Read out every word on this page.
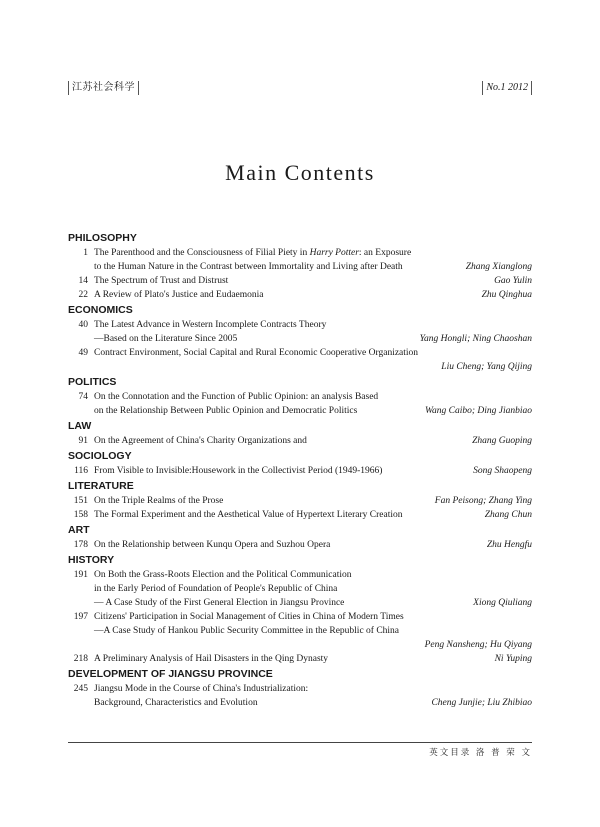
江苏社会科学	No.1 2012
Main Contents
PHILOSOPHY
1 The Parenthood and the Consciousness of Filial Piety in Harry Potter: an Exposure
to the Human Nature in the Contrast between Immortality and Living after Death	Zhang Xianglong
14 The Spectrum of Trust and Distrust	Gao Yulin
22 A Review of Plato's Justice and Eudaemonia	Zhu Qinghua
ECONOMICS
40 The Latest Advance in Western Incomplete Contracts Theory
—Based on the Literature Since 2005	Yang Hongli; Ning Chaoshan
49 Contract Environment, Social Capital and Rural Economic Cooperative Organization
Liu Cheng; Yang Qijing
POLITICS
74 On the Connotation and the Function of Public Opinion: an analysis Based
on the Relationship Between Public Opinion and Democratic Politics	Wang Caibo; Ding Jianbiao
LAW
91 On the Agreement of China's Charity Organizations and	Zhang Guoping
SOCIOLOGY
116 From Visible to Invisible:Housework in the Collectivist Period (1949-1966)	Song Shaopeng
LITERATURE
151 On the Triple Realms of the Prose	Fan Peisong; Zhang Ying
158 The Formal Experiment and the Aesthetical Value of Hypertext Literary Creation	Zhang Chun
ART
178 On the Relationship between Kunqu Opera and Suzhou Opera	Zhu Hengfu
HISTORY
191 On Both the Grass-Roots Election and the Political Communication
in the Early Period of Foundation of People's Republic of China
— A Case Study of the First General Election in Jiangsu Province	Xiong Qiuliang
197 Citizens' Participation in Social Management of Cities in China of Modern Times
—A Case Study of Hankou Public Security Committee in the Republic of China
Peng Nansheng; Hu Qiyang
218 A Preliminary Analysis of Hail Disasters in the Qing Dynasty	Ni Yuping
DEVELOPMENT OF JIANGSU PROVINCE
245 Jiangsu Mode in the Course of China's Industrialization:
Background, Characteristics and Evolution	Cheng Junjie; Liu Zhibiao
英文目录 洛 普 荣 文
